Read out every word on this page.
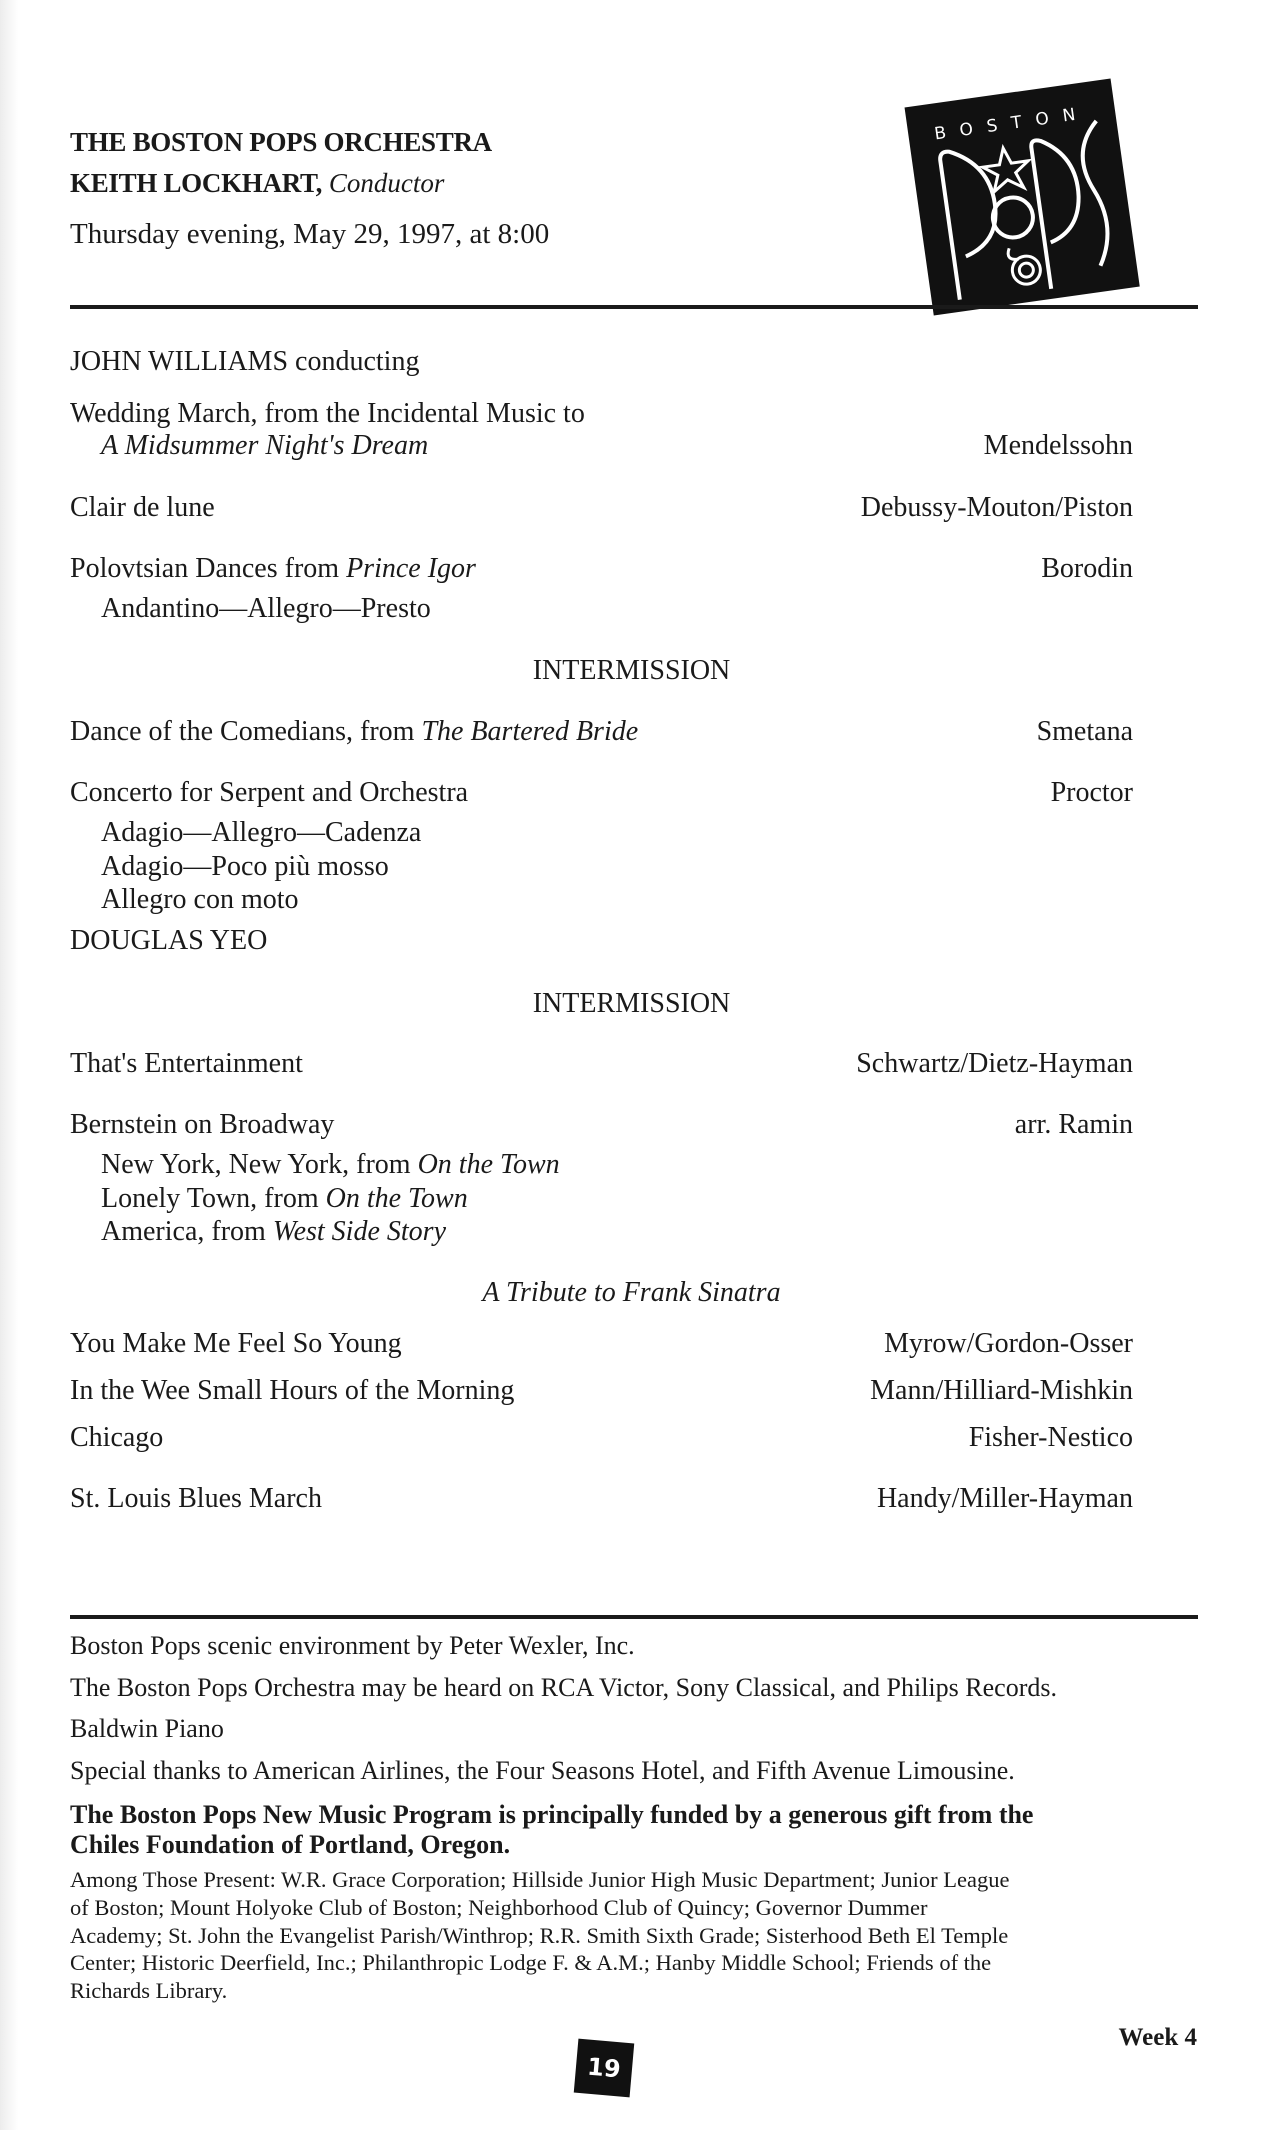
THE BOSTON POPS ORCHESTRA
KEITH LOCKHART, Conductor
Thursday evening, May 29, 1997, at 8:00
BOSTON
JOHN WILLIAMS conducting
Wedding March, from the Incidental Music to
A Midsummer Night's Dream	Mendelssohn
Clair de lune	Debussy-Mouton/Piston
Polovtsian Dances from Prince Igor	Borodin
Andantino—Allegro—Presto
INTERMISSION
Dance of the Comedians, from The Bartered Bride	Smetana
Concerto for Serpent and Orchestra	Proctor
Adagio—Allegro—Cadenza
Adagio—Poco più mosso
Allegro con moto
DOUGLAS YEO
INTERMISSION
That's Entertainment	Schwartz/Dietz-Hayman
Bernstein on Broadway	arr. Ramin
New York, New York, from On the Town
Lonely Town, from On the Town
America, from West Side Story
A Tribute to Frank Sinatra
You Make Me Feel So Young	Myrow/Gordon-Osser
In the Wee Small Hours of the Morning	Mann/Hilliard-Mishkin
Chicago	Fisher-Nestico
St. Louis Blues March	Handy/Miller-Hayman
Boston Pops scenic environment by Peter Wexler, Inc.
The Boston Pops Orchestra may be heard on RCA Victor, Sony Classical, and Philips Records.
Baldwin Piano
Special thanks to American Airlines, the Four Seasons Hotel, and Fifth Avenue Limousine.
The Boston Pops New Music Program is principally funded by a generous gift from the
Chiles Foundation of Portland, Oregon.
Among Those Present: W.R. Grace Corporation; Hillside Junior High Music Department; Junior League
of Boston; Mount Holyoke Club of Boston; Neighborhood Club of Quincy; Governor Dummer
Academy; St. John the Evangelist Parish/Winthrop; R.R. Smith Sixth Grade; Sisterhood Beth El Temple
Center; Historic Deerfield, Inc.; Philanthropic Lodge F. & A.M.; Hanby Middle School; Friends of the
Richards Library.
Week 4
19
